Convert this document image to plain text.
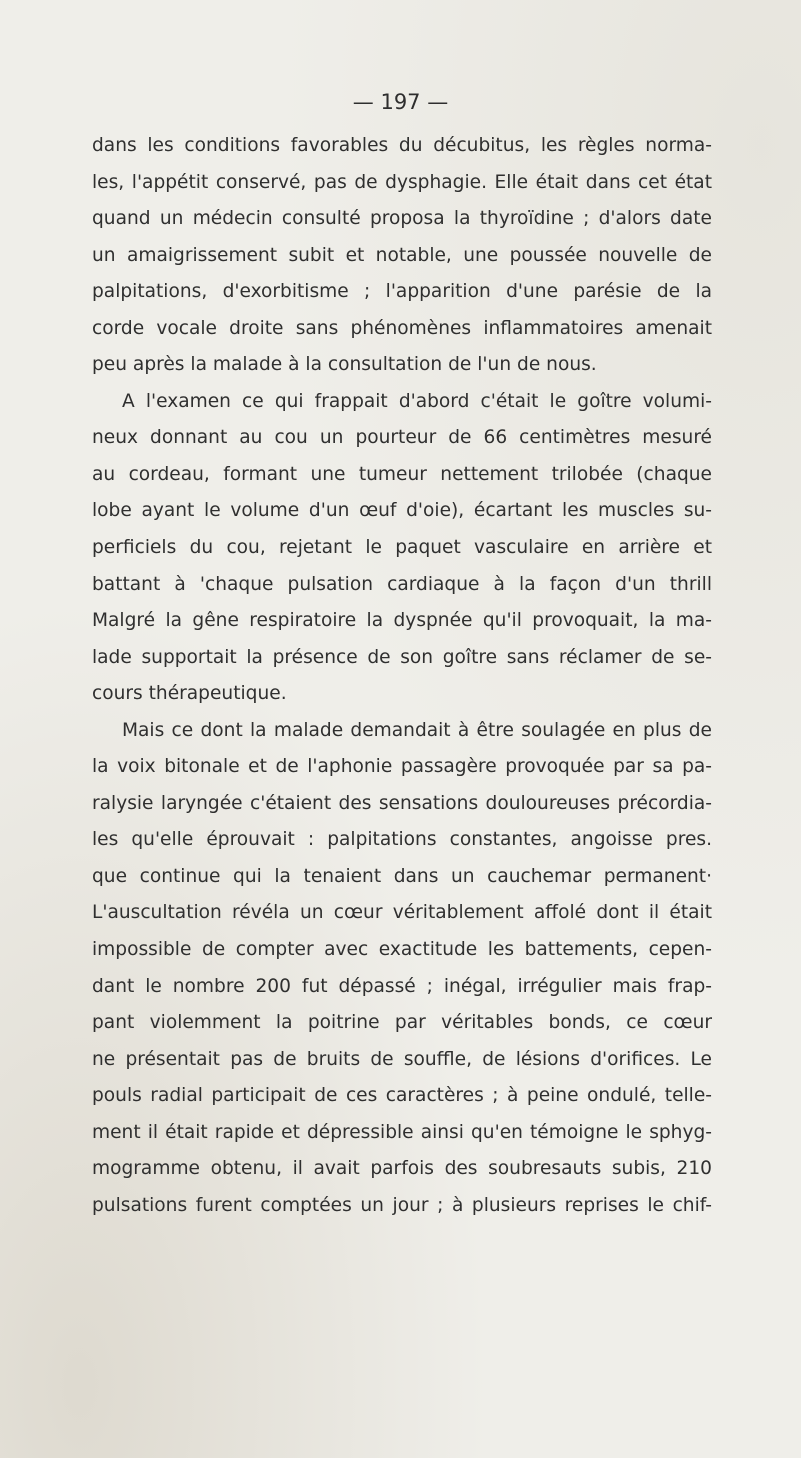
— 197 —
dans les conditions favorables du décubitus, les règles norma-
les, l'appétit conservé, pas de dysphagie. Elle était dans cet état
quand un médecin consulté proposa la thyroïdine ; d'alors date
un amaigrissement subit et notable, une poussée nouvelle de
palpitations, d'exorbitisme ; l'apparition d'une parésie de la
corde vocale droite sans phénomènes inflammatoires amenait
peu après la malade à la consultation de l'un de nous.
A l'examen ce qui frappait d'abord c'était le goître volumi-
neux donnant au cou un pourteur de 66 centimètres mesuré
au cordeau, formant une tumeur nettement trilobée (chaque
lobe ayant le volume d'un œuf d'oie), écartant les muscles su-
perficiels du cou, rejetant le paquet vasculaire en arrière et
battant à 'chaque pulsation cardiaque à la façon d'un thrill
Malgré la gêne respiratoire la dyspnée qu'il provoquait, la ma-
lade supportait la présence de son goître sans réclamer de se-
cours thérapeutique.
Mais ce dont la malade demandait à être soulagée en plus de
la voix bitonale et de l'aphonie passagère provoquée par sa pa-
ralysie laryngée c'étaient des sensations douloureuses précordia-
les qu'elle éprouvait : palpitations constantes, angoisse pres.
que continue qui la tenaient dans un cauchemar permanent·
L'auscultation révéla un cœur véritablement affolé dont il était
impossible de compter avec exactitude les battements, cepen-
dant le nombre 200 fut dépassé ; inégal, irrégulier mais frap-
pant violemment la poitrine par véritables bonds, ce cœur
ne présentait pas de bruits de souffle, de lésions d'orifices. Le
pouls radial participait de ces caractères ; à peine ondulé, telle-
ment il était rapide et dépressible ainsi qu'en témoigne le sphyg-
mogramme obtenu, il avait parfois des soubresauts subis, 210
pulsations furent comptées un jour ; à plusieurs reprises le chif-
